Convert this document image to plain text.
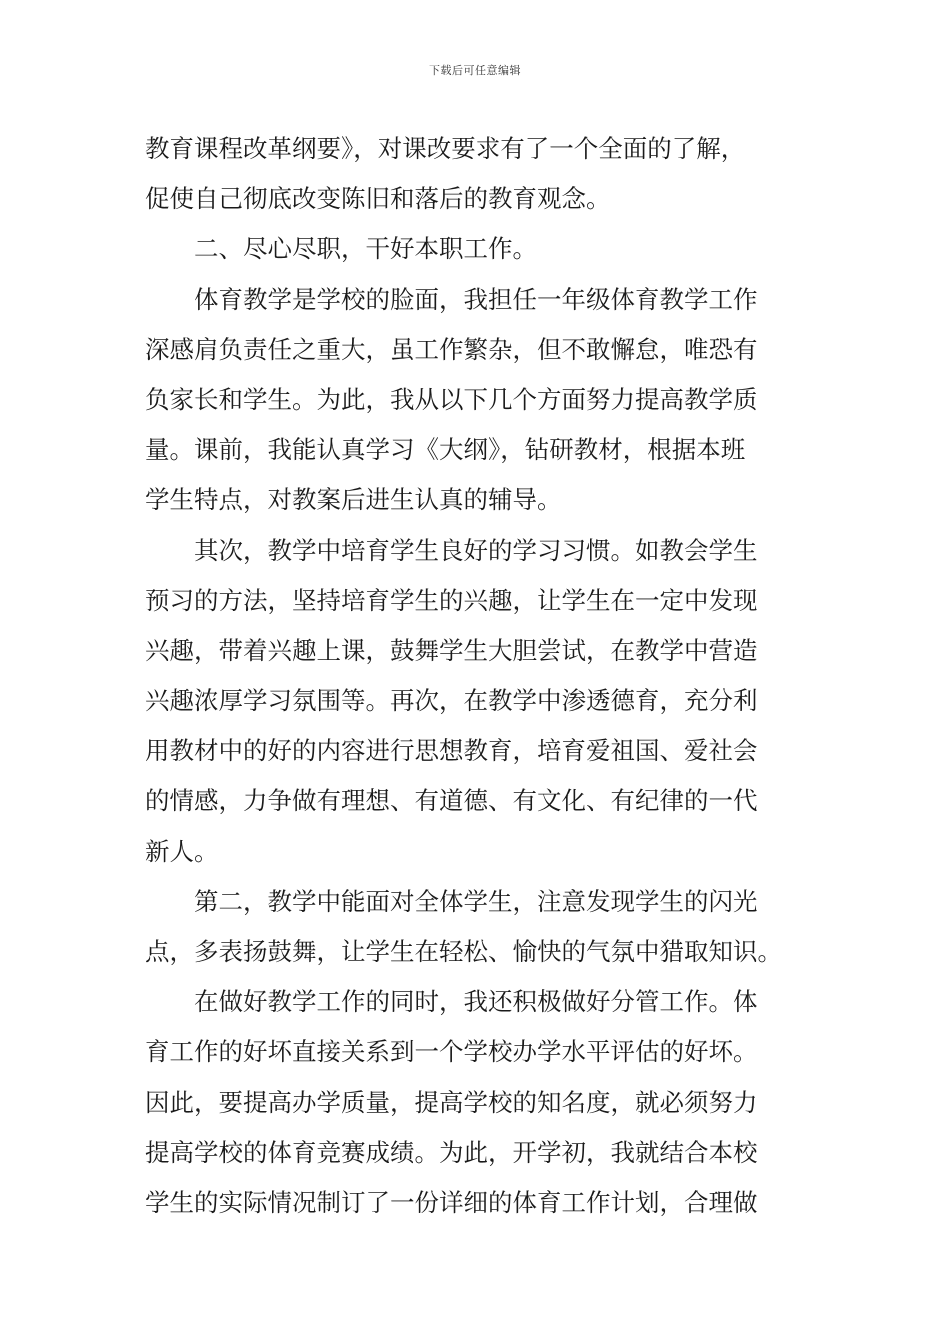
下载后可任意编辑
教育课程改革纲要》，对课改要求有了一个全面的了解，
促使自己彻底改变陈旧和落后的教育观念。
二、尽心尽职，干好本职工作。
体育教学是学校的脸面，我担任一年级体育教学工作
深感肩负责任之重大，虽工作繁杂，但不敢懈怠，唯恐有
负家长和学生。为此，我从以下几个方面努力提高教学质
量。课前，我能认真学习《大纲》，钻研教材，根据本班
学生特点，对教案后进生认真的辅导。
其次，教学中培育学生良好的学习习惯。如教会学生
预习的方法，坚持培育学生的兴趣，让学生在一定中发现
兴趣，带着兴趣上课，鼓舞学生大胆尝试，在教学中营造
兴趣浓厚学习氛围等。再次，在教学中渗透德育，充分利
用教材中的好的内容进行思想教育，培育爱祖国、爱社会
的情感，力争做有理想、有道德、有文化、有纪律的一代
新人。
第二，教学中能面对全体学生，注意发现学生的闪光
点，多表扬鼓舞，让学生在轻松、愉快的气氛中猎取知识。
在做好教学工作的同时，我还积极做好分管工作。体
育工作的好坏直接关系到一个学校办学水平评估的好坏。
因此，要提高办学质量，提高学校的知名度，就必须努力
提高学校的体育竞赛成绩。为此，开学初，我就结合本校
学生的实际情况制订了一份详细的体育工作计划，合理做
